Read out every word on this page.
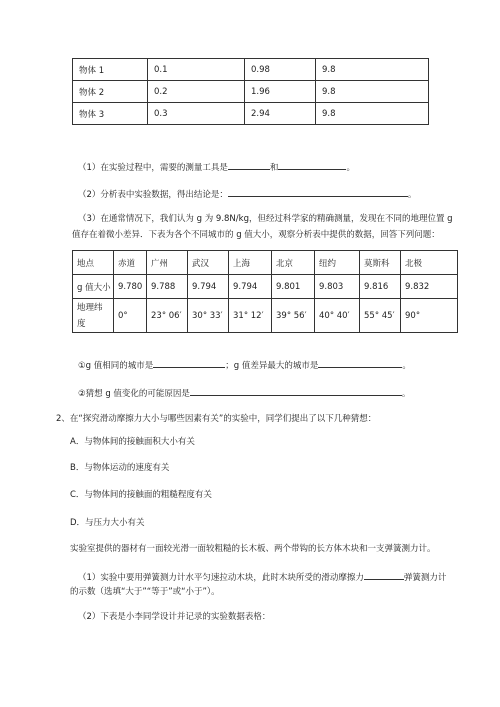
物体 1	0.1	0.98	9.8
物体 2	0.2	1.96	9.8
物体 3	0.3	2.94	9.8
（1）在实验过程中，需要的测量工具是	和	。
（2）分析表中实验数据，得出结论是：	。
（3）在通常情况下，我们认为 g 为 9.8N/kg，但经过科学家的精确测量，发现在不同的地理位置 g
值存在着微小差异．下表为各个不同城市的 g 值大小，观察分析表中提供的数据，回答下列问题：
地点	赤道	广州	武汉	上海	北京	纽约	莫斯科	北极
g 值大小	9.780	9.788	9.794	9.794	9.801	9.803	9.816	9.832
地理纬
度	0°	23° 06′	30° 33′	31° 12′	39° 56′	40° 40′	55° 45′	90°
①g 值相同的城市是	；g 值差异最大的城市是	。
②猜想 g 值变化的可能原因是	。
2、在“探究滑动摩擦力大小与哪些因素有关”的实验中，同学们提出了以下几种猜想：
A．与物体间的接触面积大小有关
B．与物体运动的速度有关
C．与物体间的接触面的粗糙程度有关
D．与压力大小有关
实验室提供的器材有一面较光滑一面较粗糙的长木板、两个带钩的长方体木块和一支弹簧测力计。
（1）实验中要用弹簧测力计水平匀速拉动木块，此时木块所受的滑动摩擦力	弹簧测力计
的示数（选填“大于”“等于”或“小于”）。
（2）下表是小李同学设计并记录的实验数据表格：
